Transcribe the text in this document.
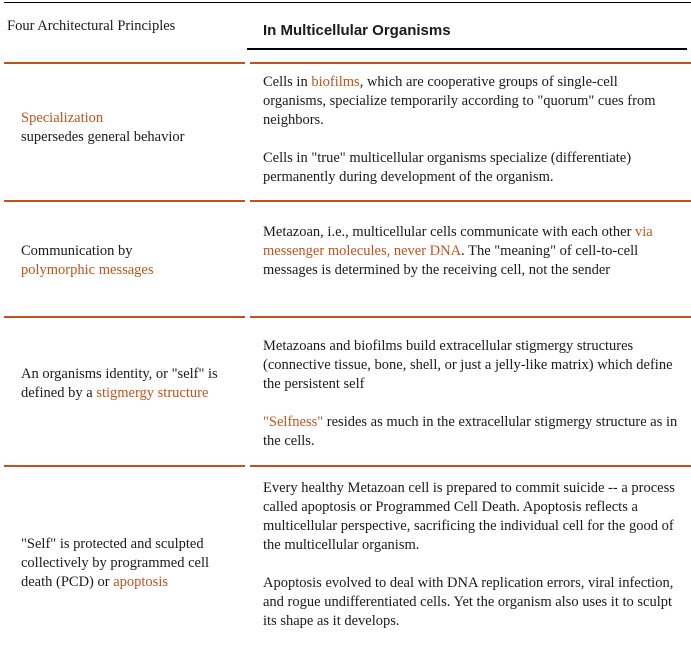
Four Architectural Principles	In Multicellular Organisms
Specialization
supersedes general behavior

Cells in biofilms, which are cooperative groups of single-cell organisms, specialize temporarily according to "quorum" cues from neighbors.

Cells in "true" multicellular organisms specialize (differentiate) permanently during development of the organism.

Communication by
polymorphic messages

Metazoan, i.e., multicellular cells communicate with each other via messenger molecules, never DNA. The "meaning" of cell-to-cell messages is determined by the receiving cell, not the sender

An organisms identity, or "self" is defined by a stigmergy structure

Metazoans and biofilms build extracellular stigmergy structures (connective tissue, bone, shell, or just a jelly-like matrix) which define the persistent self

"Selfness" resides as much in the extracellular stigmergy structure as in the cells.

"Self" is protected and sculpted collectively by programmed cell death (PCD) or apoptosis

Every healthy Metazoan cell is prepared to commit suicide -- a process called apoptosis or Programmed Cell Death. Apoptosis reflects a multicellular perspective, sacrificing the individual cell for the good of the multicellular organism.

Apoptosis evolved to deal with DNA replication errors, viral infection, and rogue undifferentiated cells. Yet the organism also uses it to sculpt its shape as it develops.
